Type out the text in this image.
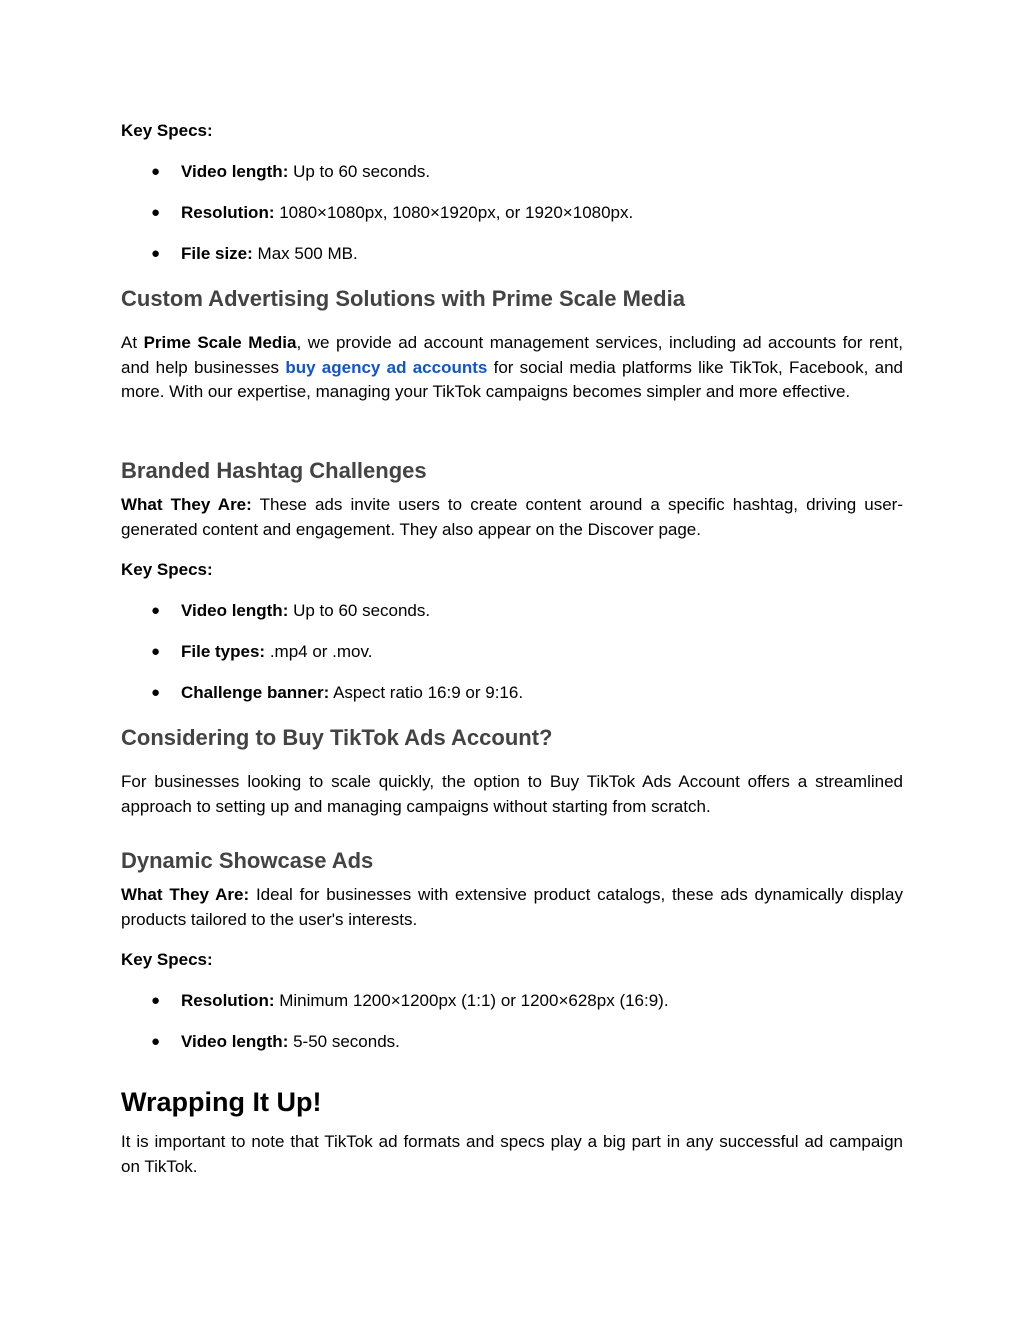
Key Specs:
● Video length: Up to 60 seconds.
● Resolution: 1080×1080px, 1080×1920px, or 1920×1080px.
● File size: Max 500 MB.
Custom Advertising Solutions with Prime Scale Media
At Prime Scale Media, we provide ad account management services, including ad accounts for rent, and help businesses buy agency ad accounts for social media platforms like TikTok, Facebook, and more. With our expertise, managing your TikTok campaigns becomes simpler and more effective.
Branded Hashtag Challenges
What They Are: These ads invite users to create content around a specific hashtag, driving user-generated content and engagement. They also appear on the Discover page.
Key Specs:
● Video length: Up to 60 seconds.
● File types: .mp4 or .mov.
● Challenge banner: Aspect ratio 16:9 or 9:16.
Considering to Buy TikTok Ads Account?
For businesses looking to scale quickly, the option to Buy TikTok Ads Account offers a streamlined approach to setting up and managing campaigns without starting from scratch.
Dynamic Showcase Ads
What They Are: Ideal for businesses with extensive product catalogs, these ads dynamically display products tailored to the user's interests.
Key Specs:
● Resolution: Minimum 1200×1200px (1:1) or 1200×628px (16:9).
● Video length: 5-50 seconds.
Wrapping It Up!
It is important to note that TikTok ad formats and specs play a big part in any successful ad campaign on TikTok.
